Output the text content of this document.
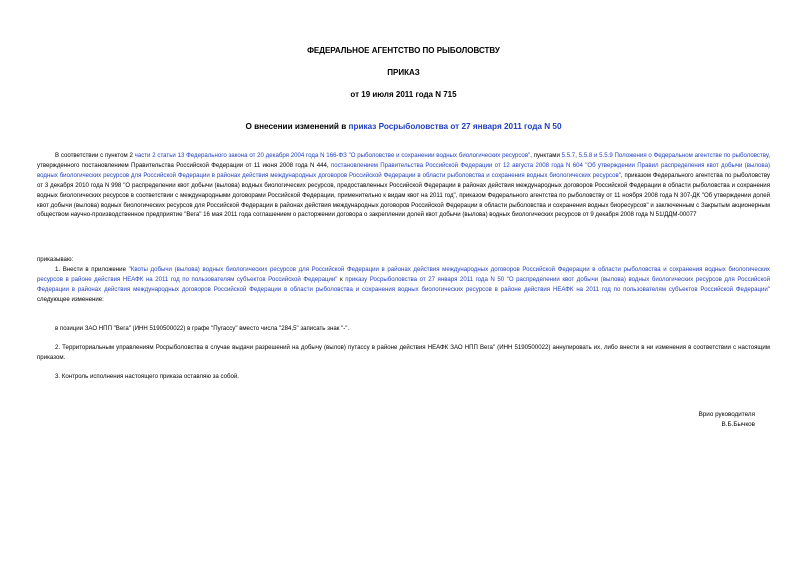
ФЕДЕРАЛЬНОЕ АГЕНТСТВО ПО РЫБОЛОВСТВУ
ПРИКАЗ
от 19 июля 2011 года N 715
О внесении изменений в приказ Росрыболовства от 27 января 2011 года N 50
В соответствии с пунктом 2 части 2 статьи 13 Федерального закона от 20 декабря 2004 года N 166-ФЗ "О рыболовстве и сохранении водных биологических ресурсов", пунктами 5.5.7, 5.5.8 и 5.5.9 Положения о Федеральном агентстве по рыболовству, утвержденного постановлением Правительства Российской Федерации от 11 июня 2008 года N 444, постановлением Правительства Российской Федерации от 12 августа 2008 года N 604 "Об утверждении Правил распределения квот добычи (вылова) водных биологических ресурсов для Российской Федерации в районах действия международных договоров Российской Федерации в области рыболовства и сохранения водных биологических ресурсов", приказом Федерального агентства по рыболовству от 3 декабря 2010 года N 998 "О распределении квот добычи (вылова) водных биологических ресурсов, предоставленных Российской Федерации в районах действия международных договоров Российской Федерации в области рыболовства и сохранения водных биологических ресурсов в соответствии с международными договорами Российской Федерации, применительно к видам квот на 2011 год", приказом Федерального агентства по рыболовству от 11 ноября 2008 года N 307-ДК "Об утверждении долей квот добычи (вылова) водных биологических ресурсов для Российской Федерации в районах действия международных договоров Российской Федерации в области рыболовства и сохранения водных биоресурсов" и заключенным с Закрытым акционерным обществом научно-производственное предприятие "Вега" 16 мая 2011 года соглашением о расторжении договора о закреплении долей квот добычи (вылова) водных биологических ресурсов от 9 декабря 2008 года N 51/ДДМ-00077
приказываю:
1. Внести в приложение "Квоты добычи (вылова) водных биологических ресурсов для Российской Федерации в районах действия международных договоров Российской Федерации в области рыболовства и сохранения водных биологических ресурсов в районе действия НЕАФК на 2011 год по пользователям субъектов Российской Федерации" к приказу Росрыболовства от 27 января 2011 года N 50 "О распределении квот добычи (вылова) водных биологических ресурсов для Российской Федерации в районах действия международных договоров Российской Федерации в области рыболовства и сохранения водных биологических ресурсов в районе действия НЕАФК на 2011 год по пользователям субъектов Российской Федерации" следующее изменение:
в позиции ЗАО НПП "Вега" (ИНН 5190500022) в графе "Пугассу" вместо числа "284,5" записать знак "-".
2. Территориальным управлениям Росрыболовства в случае выдачи разрешений на добычу (вылов) путассу в районе действия НЕАФК ЗАО НПП Вега" (ИНН 5190500022) аннулировать их, либо внести в ни изменения в соответствии с настоящим приказом.
3. Контроль исполнения настоящего приказа оставляю за собой.
Врио руководителя
В.Б.Бычков
